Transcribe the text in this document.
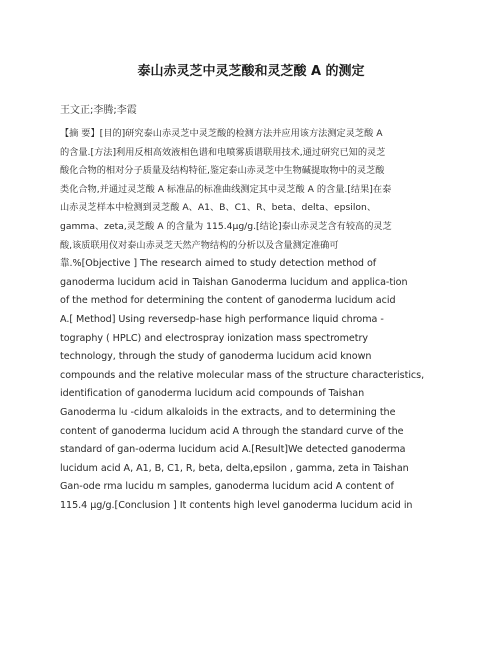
泰山赤灵芝中灵芝酸和灵芝酸 A 的测定
王文正;李腾;李霞
【摘 要】[目的]研究泰山赤灵芝中灵芝酸的检测方法并应用该方法测定灵芝酸 A
的含量.[方法]利用反相高效液相色谱和电喷雾质谱联用技术,通过研究已知的灵芝
酸化合物的相对分子质量及结构特征,鉴定泰山赤灵芝中生物碱提取物中的灵芝酸
类化合物,并通过灵芝酸 A 标准品的标准曲线测定其中灵芝酸 A 的含量.[结果]在泰
山赤灵芝样本中检测到灵芝酸 A、A1、B、C1、R、beta、delta、epsilon、
gamma、zeta,灵芝酸 A 的含量为 115.4μg/g.[结论]泰山赤灵芝含有较高的灵芝
酸,该质联用仪对泰山赤灵芝天然产物结构的分析以及含量测定准确可
靠.%[Objective ] The research aimed to study detection method of
ganoderma lucidum acid in Taishan Ganoderma lucidum and applica-tion
of the method for determining the content of ganoderma lucidum acid
A.[ Method] Using reversedp-hase high performance liquid chroma -
tography ( HPLC) and electrospray ionization mass spectrometry
technology, through the study of ganoderma lucidum acid known
compounds and the relative molecular mass of the structure characteristics,
identification of ganoderma lucidum acid compounds of Taishan
Ganoderma lu -cidum alkaloids in the extracts, and to determining the
content of ganoderma lucidum acid A through the standard curve of the
standard of gan-oderma lucidum acid A.[Result]We detected ganoderma
lucidum acid A, A1, B, C1, R, beta, delta,epsilon , gamma, zeta in Taishan
Gan-ode rma lucidu m samples, ganoderma lucidum acid A content of
115.4 μg/g.[Conclusion ] It contents high level ganoderma lucidum acid in
